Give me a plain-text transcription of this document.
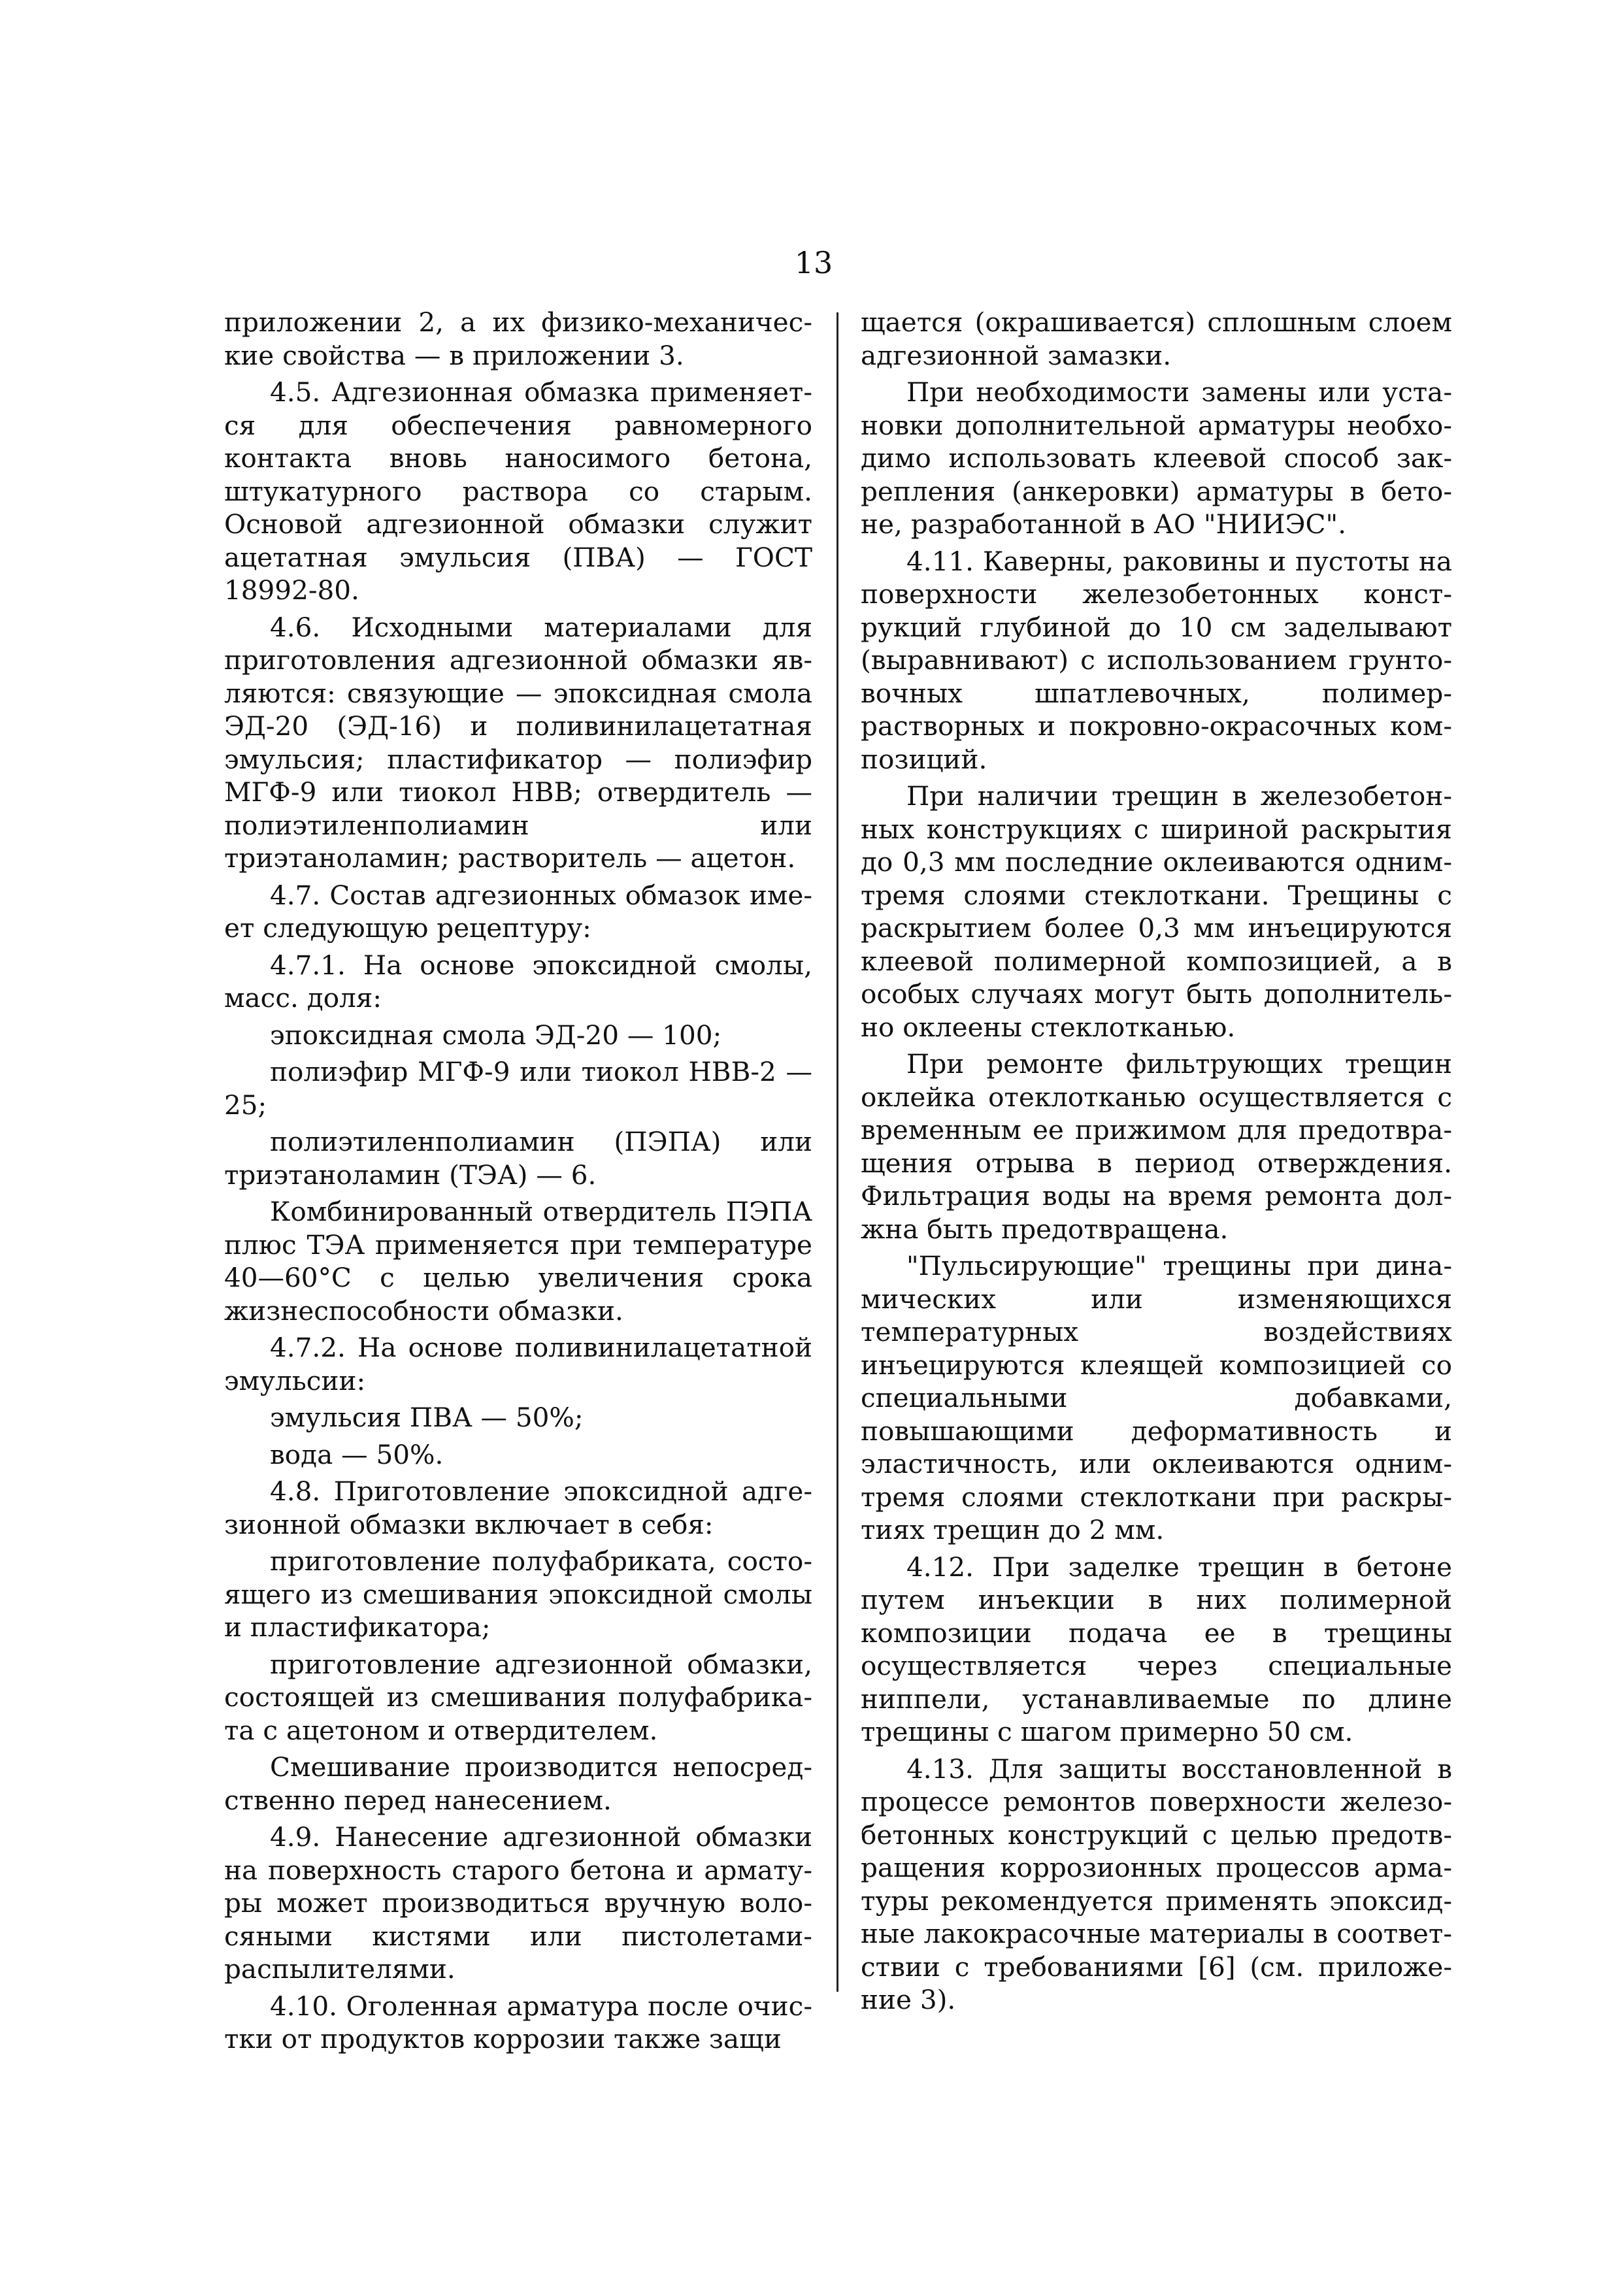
13

приложении 2, а их физико-механические свойства — в приложении 3.

4.5. Адгезионная обмазка применяется для обеспечения равномерного контакта вновь наносимого бетона, штукатурного раствора со старым. Основой адгезионной обмазки служит ацетатная эмульсия (ПВА) — ГОСТ 18992-80.

4.6. Исходными материалами для приготовления адгезионной обмазки являются: связующие — эпоксидная смола ЭД-20 (ЭД-16) и поливинилацетатная эмульсия; пластификатор — полиэфир МГФ-9 или тиокол НВВ; отвердитель — полиэтиленполиамин или триэтаноламин; растворитель — ацетон.

4.7. Состав адгезионных обмазок имеет следующую рецептуру:

4.7.1. На основе эпоксидной смолы, масс. доля:

эпоксидная смола ЭД-20 — 100;

полиэфир МГФ-9 или тиокол НВВ-2 — 25;

полиэтиленполиамин (ПЭПА) или триэтаноламин (ТЭА) — 6.

Комбинированный отвердитель ПЭПА плюс ТЭА применяется при температуре 40—60°С с целью увеличения срока жизнеспособности обмазки.

4.7.2. На основе поливинилацетатной эмульсии:

эмульсия ПВА — 50%;

вода — 50%.

4.8. Приготовление эпоксидной адгезионной обмазки включает в себя:

приготовление полуфабриката, состоящего из смешивания эпоксидной смолы и пластификатора;

приготовление адгезионной обмазки, состоящей из смешивания полуфабриката с ацетоном и отвердителем.

Смешивание производится непосредственно перед нанесением.

4.9. Нанесение адгезионной обмазки на поверхность старого бетона и арматуры может производиться вручную волосяными кистями или пистолетами-распылителями.

4.10. Оголенная арматура после очистки от продуктов коррозии также защи

щается (окрашивается) сплошным слоем адгезионной замазки.

При необходимости замены или установки дополнительной арматуры необходимо использовать клеевой способ закрепления (анкеровки) арматуры в бетоне, разработанной в АО "НИИЭС".

4.11. Каверны, раковины и пустоты на поверхности железобетонных конструкций глубиной до 10 см заделывают (выравнивают) с использованием грунтовочных шпатлевочных, полимеррастворных и покровно-окрасочных композиций.

При наличии трещин в железобетонных конструкциях с шириной раскрытия до 0,3 мм последние оклеиваются однимтремя слоями стеклоткани. Трещины с раскрытием более 0,3 мм инъецируются клеевой полимерной композицией, а в особых случаях могут быть дополнительно оклеены стеклотканью.

При ремонте фильтрующих трещин оклейка отеклотканью осуществляется с временным ее прижимом для предотвращения отрыва в период отверждения. Фильтрация воды на время ремонта должна быть предотвращена.

"Пульсирующие" трещины при динамических или изменяющихся температурных воздействиях инъецируются клеящей композицией со специальными добавками, повышающими деформативность и эластичность, или оклеиваются однимтремя слоями стеклоткани при раскрытиях трещин до 2 мм.

4.12. При заделке трещин в бетоне путем инъекции в них полимерной композиции подача ее в трещины осуществляется через специальные ниппели, устанавливаемые по длине трещины с шагом примерно 50 см.

4.13. Для защиты восстановленной в процессе ремонтов поверхности железобетонных конструкций с целью предотвращения коррозионных процессов арматуры рекомендуется применять эпоксидные лакокрасочные материалы в соответствии с требованиями [6] (см. приложение 3).
